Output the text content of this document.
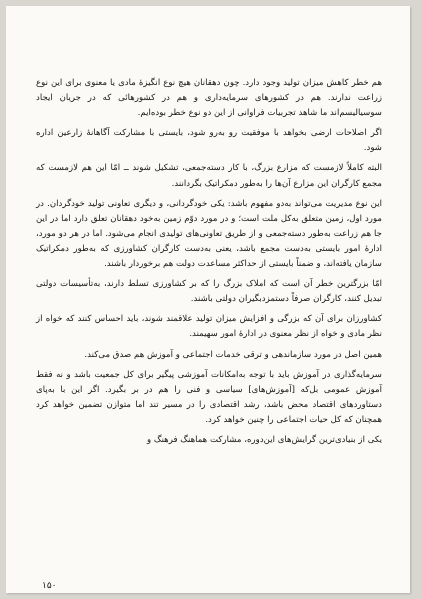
هم خطر کاهش میزان تولید وجود دارد. چون دهقانان هیچ نوع انگیزهٔ مادی یا معنوی برای این نوع زراعت ندارند. هم در کشورهای سرمایه‌داری و هم در کشورهائی که در جریان ایجاد سوسیالیسم‌اند ما شاهد تجربیات فراوانی از این دو نوع خطر بوده‌ایم.

اگر اصلاحات ارضی بخواهد با موفقیت رو به‌رو شود، بایستی با مشارکت آگاهانهٔ زارعین اداره شود.

البته کاملاً لازمست که مزارع بزرگ، با کار دسته‌جمعی، تشکیل شوند ــ امّا این هم لازمست که مجمع کارگران این مزارع آن‌ها را به‌طور دمکراتیک بگردانند.

این نوع مدیریت می‌تواند به‌دو مفهوم باشد: یکی خودگردانی، و دیگری تعاونی تولید خودگردان. در مورد اول، زمین متعلق به‌کل ملت است؛ و در مورد دوّم زمین به‌خود دهقانان تعلق دارد اما در این جا هم زراعت به‌طور دسته‌جمعی و از طریق تعاونی‌های تولیدی انجام می‌شود. اما در هر دو مورد، ادارهٔ امور بایستی به‌دست مجمع باشد، یعنی به‌دست کارگران کشاورزی که به‌طور دمکراتیک سازمان یافته‌اند، و ضمناً بایستی از حداکثر مساعدت دولت هم برخوردار باشند.

امّا بزرگترین خطر آن است که املاک بزرگ را که بر کشاورزی تسلط دارند، به‌تأسیسات دولتی تبدیل کنند، کارگران صرفاً دستمزدبگیران دولتی باشند.

کشاورزان برای آن که بزرگی و افزایش میزان تولید علاقمند شوند، باید احساس کنند که خواه از نظر مادی و خواه از نظر معنوی در ادارهٔ امور سهیمند.

همین اصل در مورد سازماندهی و ترقی خدمات اجتماعی و آموزش هم صدق می‌کند.

سرمایه‌گذاری در آموزش باید با توجه به‌امکانات آموزشی پیگیر برای کل جمعیت باشد و نه فقط آموزش عمومی بل‌که [آموزش‌های] سیاسی و فنی را هم در بر بگیرد. اگر این با به‌پای دستاوردهای اقتصاد محض باشد، رشد اقتصادی را در مسیر تند اما متوازن تضمین خواهد کرد همچنان که کل حیات اجتماعی را چنین خواهد کرد.

یکی از بنیادی‌ترین گرایش‌های این‌دوره، مشارکت هماهنگ فرهنگ و

۱۵۰
